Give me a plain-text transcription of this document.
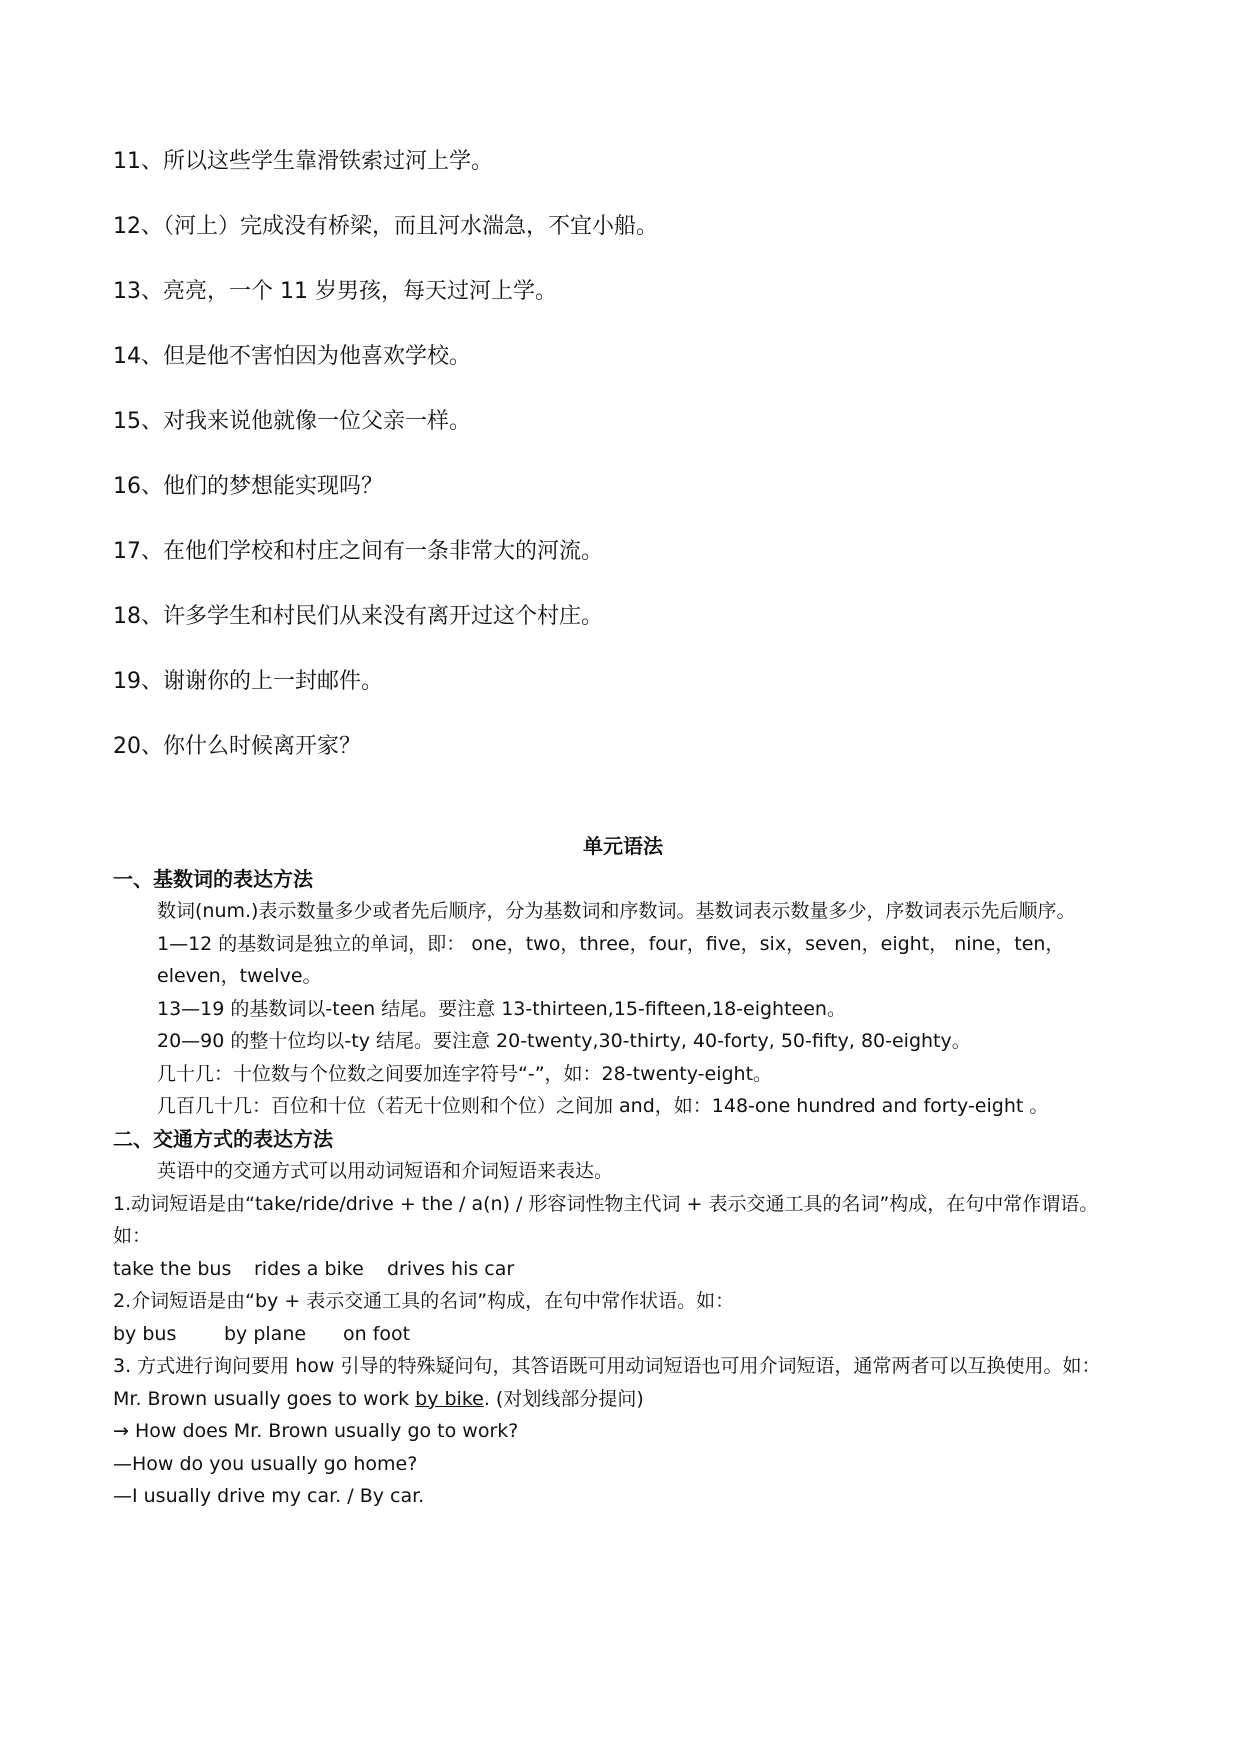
11、所以这些学生靠滑铁索过河上学。
12、（河上）完成没有桥梁，而且河水湍急，不宜小船。
13、亮亮，一个 11 岁男孩，每天过河上学。
14、但是他不害怕因为他喜欢学校。
15、对我来说他就像一位父亲一样。
16、他们的梦想能实现吗？
17、在他们学校和村庄之间有一条非常大的河流。
18、许多学生和村民们从来没有离开过这个村庄。
19、谢谢你的上一封邮件。
20、你什么时候离开家？
单元语法
一、基数词的表达方法
数词(num.)表示数量多少或者先后顺序，分为基数词和序数词。基数词表示数量多少，序数词表示先后顺序。
1—12 的基数词是独立的单词，即： one，two，three，four，five，six，seven，eight， nine，ten，eleven，twelve。
13—19 的基数词以-teen 结尾。要注意 13-thirteen,15-fifteen,18-eighteen。
20—90 的整十位均以-ty 结尾。要注意 20-twenty,30-thirty, 40-forty, 50-fifty, 80-eighty。
几十几：十位数与个位数之间要加连字符号“-”，如：28-twenty-eight。
几百几十几：百位和十位（若无十位则和个位）之间加 and，如：148-one hundred and forty-eight 。
二、交通方式的表达方法
英语中的交通方式可以用动词短语和介词短语来表达。
1.动词短语是由“take/ride/drive + the / a(n) / 形容词性物主代词 + 表示交通工具的名词”构成，在句中常作谓语。如：
take the bus rides a bike drives his car
2.介词短语是由“by + 表示交通工具的名词”构成，在句中常作状语。如：
by bus	by plane on foot
3. 方式进行询问要用 how 引导的特殊疑问句，其答语既可用动词短语也可用介词短语，通常两者可以互换使用。如：
Mr. Brown usually goes to work by bike. (对划线部分提问)
→ How does Mr. Brown usually go to work?
—How do you usually go home?
—I usually drive my car. / By car.
